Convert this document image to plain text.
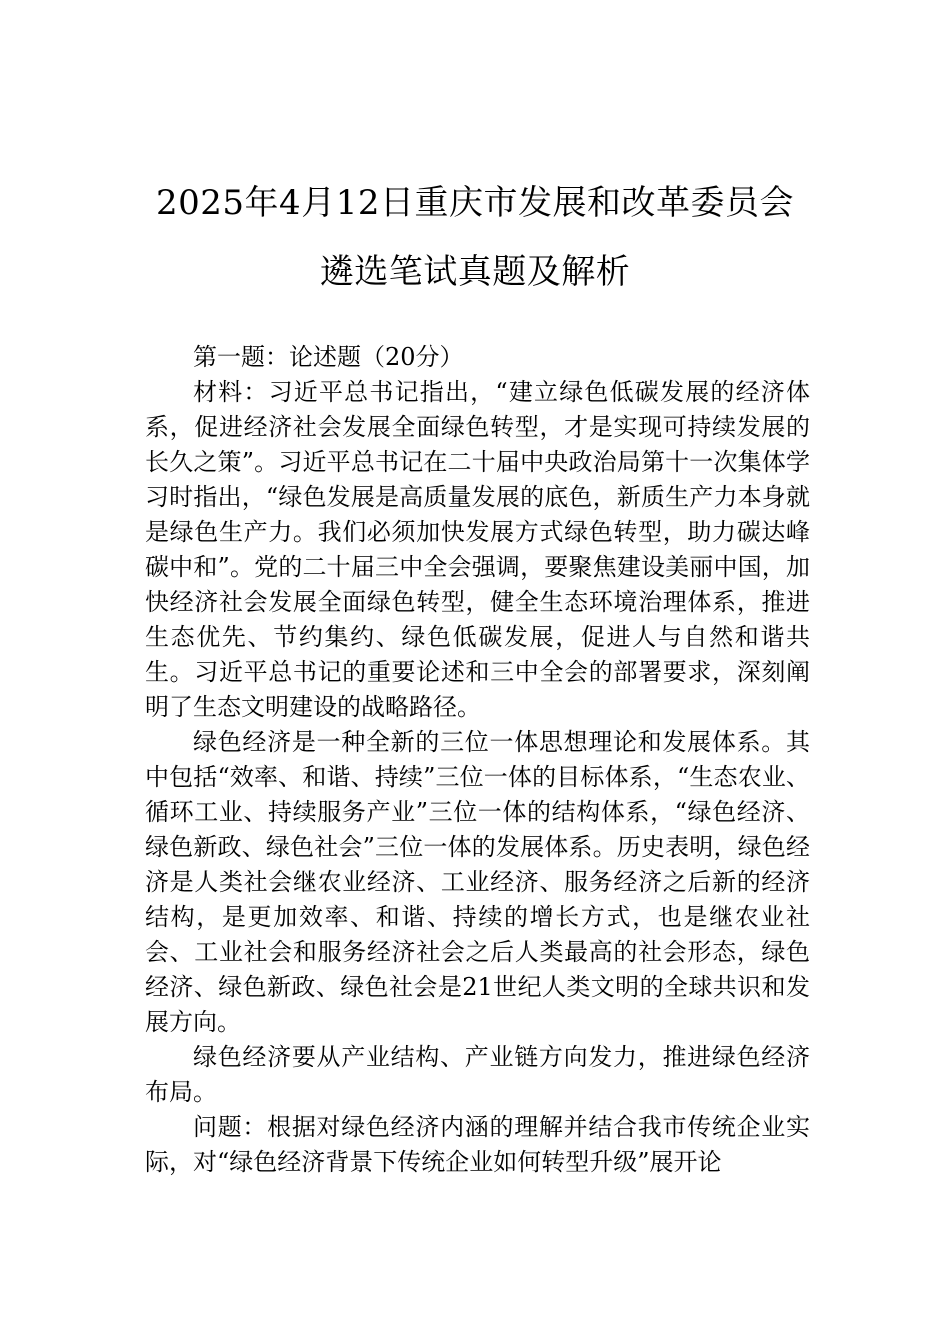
2025年4月12日重庆市发展和改革委员会
遴选笔试真题及解析

第一题：论述题（20分）

材料：习近平总书记指出，“建立绿色低碳发展的经济体系，促进经济社会发展全面绿色转型，才是实现可持续发展的长久之策”。习近平总书记在二十届中央政治局第十一次集体学习时指出，“绿色发展是高质量发展的底色，新质生产力本身就是绿色生产力。我们必须加快发展方式绿色转型，助力碳达峰碳中和”。党的二十届三中全会强调，要聚焦建设美丽中国，加快经济社会发展全面绿色转型，健全生态环境治理体系，推进生态优先、节约集约、绿色低碳发展，促进人与自然和谐共生。习近平总书记的重要论述和三中全会的部署要求，深刻阐明了生态文明建设的战略路径。

绿色经济是一种全新的三位一体思想理论和发展体系。其中包括“效率、和谐、持续”三位一体的目标体系，“生态农业、循环工业、持续服务产业”三位一体的结构体系，“绿色经济、绿色新政、绿色社会”三位一体的发展体系。历史表明，绿色经济是人类社会继农业经济、工业经济、服务经济之后新的经济结构，是更加效率、和谐、持续的增长方式，也是继农业社会、工业社会和服务经济社会之后人类最高的社会形态，绿色经济、绿色新政、绿色社会是21世纪人类文明的全球共识和发展方向。

绿色经济要从产业结构、产业链方向发力，推进绿色经济布局。

问题：根据对绿色经济内涵的理解并结合我市传统企业实际，对“绿色经济背景下传统企业如何转型升级”展开论
